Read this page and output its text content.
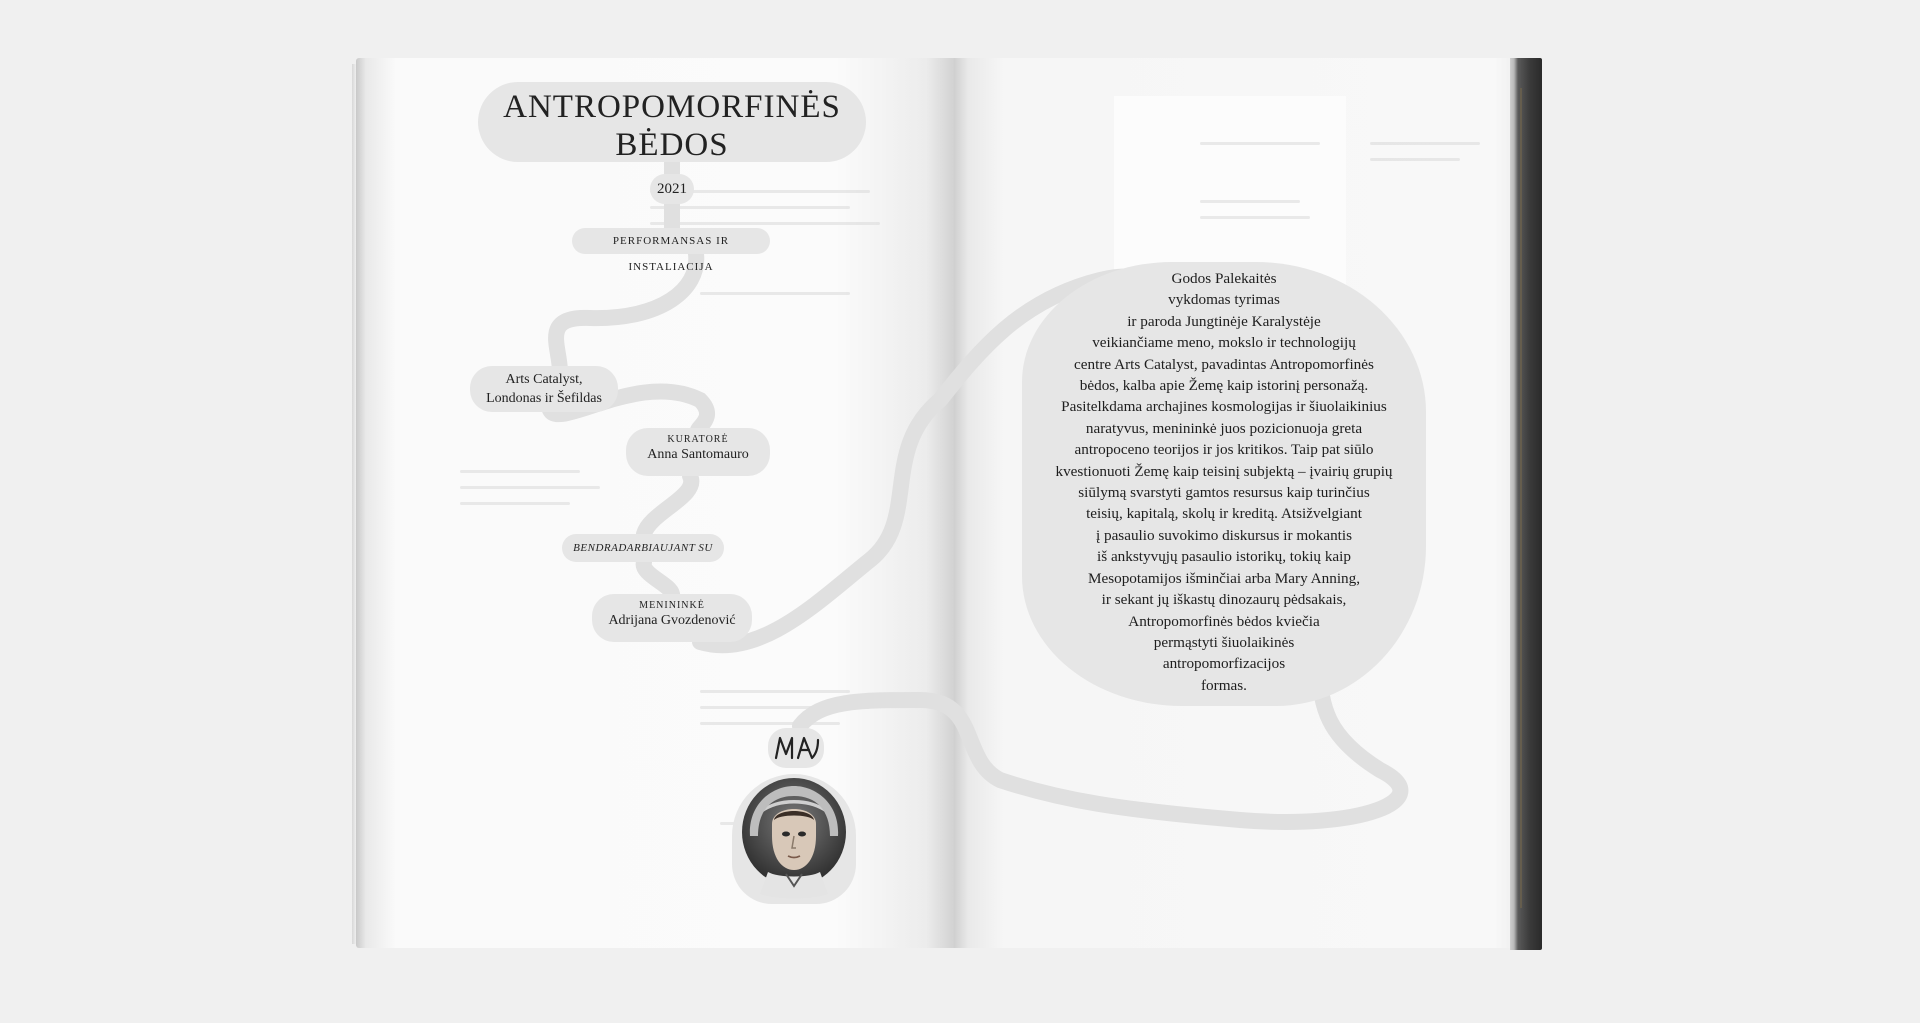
ANTROPOMORFINĖS
BĖDOS
2021
PERFORMANSAS IR INSTALIACIJA
Arts Catalyst,
Londonas ir Šefildas
KURATORĖ
Anna Santomauro
BENDRADARBIAUJANT SU
MENININKĖ
Adrijana Gvozdenović

Godos Palekaitės

vykdomas tyrimas

ir paroda Jungtinėje Karalystėje

veikiančiame meno, mokslo ir technologijų

centre Arts Catalyst, pavadintas Antropomorfinės

bėdos, kalba apie Žemę kaip istorinį personažą.

Pasitelkdama archajines kosmologijas ir šiuolaikinius

naratyvus, menininkė juos pozicionuoja greta

antropoceno teorijos ir jos kritikos. Taip pat siūlo

kvestionuoti Žemę kaip teisinį subjektą – įvairių grupių

siūlymą svarstyti gamtos resursus kaip turinčius

teisių, kapitalą, skolų ir kreditą. Atsižvelgiant

į pasaulio suvokimo diskursus ir mokantis

iš ankstyvųjų pasaulio istorikų, tokių kaip

Mesopotamijos išminčiai arba Mary Anning,

ir sekant jų iškastų dinozaurų pėdsakais,

Antropomorfinės bėdos kviečia

permąstyti šiuolaikinės

antropomorfizacijos

formas.
